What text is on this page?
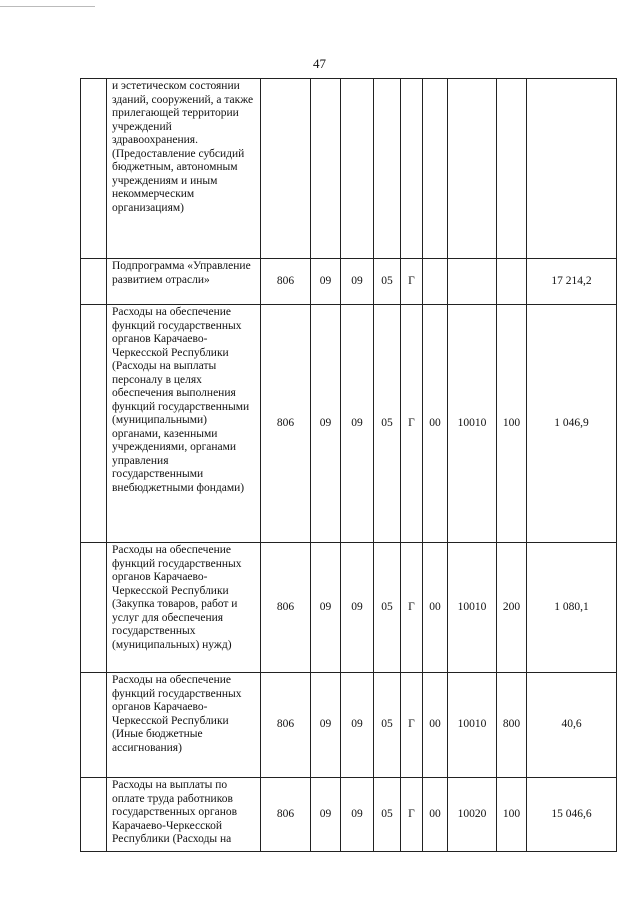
47
	и эстетическом состоянии зданий, сооружений, а также прилегающей территории учреждений здравоохранения. (Предоставление субсидий бюджетным, автономным учреждениям и иным некоммерческим организациям)									
	Подпрограмма «Управление развитием отрасли»	806	09	09	05	Г				17 214,2
	Расходы на обеспечение функций государственных органов Карачаево-Черкесской Республики (Расходы на выплаты персоналу в целях обеспечения выполнения функций государственными (муниципальными) органами, казенными учреждениями, органами управления государственными внебюджетными фондами)	806	09	09	05	Г	00	10010	100	1 046,9
	Расходы на обеспечение функций государственных органов Карачаево-Черкесской Республики (Закупка товаров, работ и услуг для обеспечения государственных (муниципальных) нужд)	806	09	09	05	Г	00	10010	200	1 080,1
	Расходы на обеспечение функций государственных органов Карачаево-Черкесской Республики (Иные бюджетные ассигнования)	806	09	09	05	Г	00	10010	800	40,6
	Расходы на выплаты по оплате труда работников государственных органов Карачаево-Черкесской Республики (Расходы на	806	09	09	05	Г	00	10020	100	15 046,6
